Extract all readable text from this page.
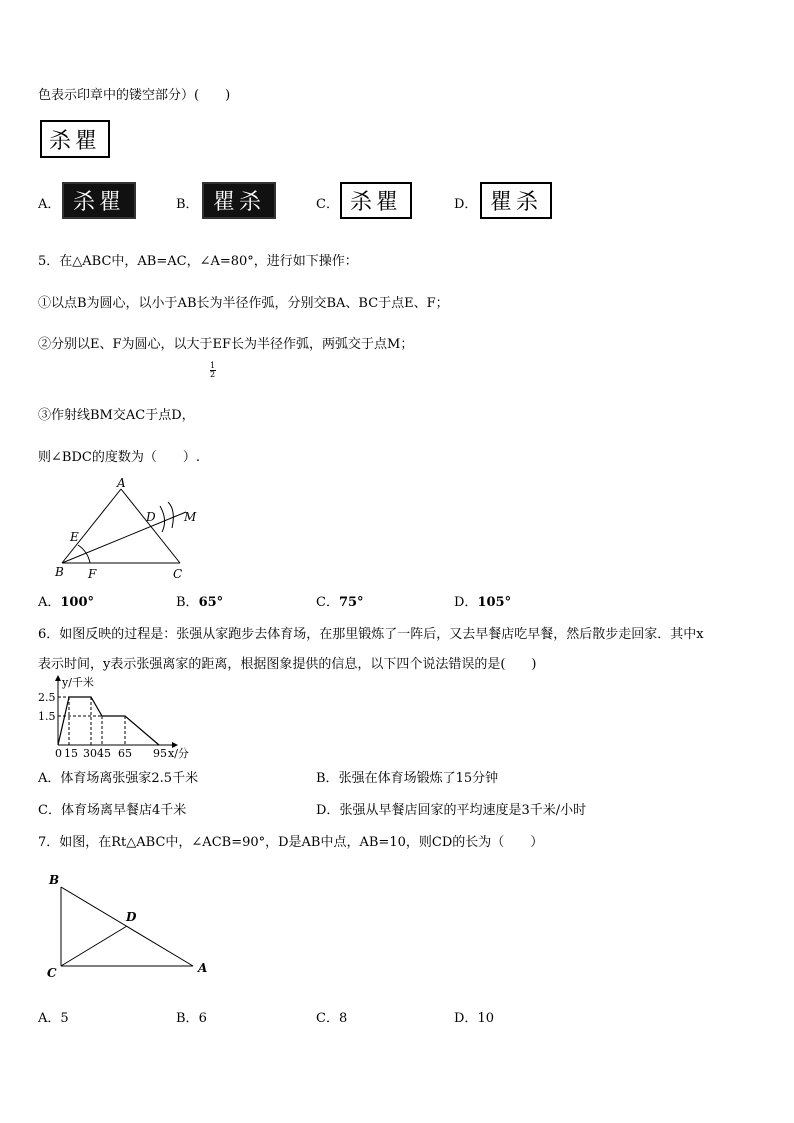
色表示印章中的镂空部分）(　　)
杀瞿
A． 杀瞿	B． 瞿杀	C． 杀瞿	D． 瞿杀
5．在△ABC中，AB=AC，∠A=80°，进行如下操作：
①以点B为圆心，以小于AB长为半径作弧，分别交BA、BC于点E、F；
②分别以E、F为圆心，以大于
1

2
EF长为半径作弧，两弧交于点M；
③作射线BM交AC于点D，
则∠BDC的度数为（　　）.
A
B	C
D
E
F
M
A．100°	B．65°	C．75°	D．105°
6．如图反映的过程是：张强从家跑步去体育场，在那里锻炼了一阵后，又去早餐店吃早餐，然后散步走回家．其中x
表示时间，y表示张强离家的距离，根据图象提供的信息，以下四个说法错误的是(　　)
y/千米
2.5
1.5
0 15 30 45 65 95 x/分
A．体育场离张强家2.5千米	B．张强在体育场锻炼了15分钟
C．体育场离早餐店4千米	D．张强从早餐店回家的平均速度是3千米/小时
7．如图，在Rt△ABC中，∠ACB=90°，D是AB中点，AB=10，则CD的长为（　　）
B
C	A
D
A．5	B．6	C．8	D．10
